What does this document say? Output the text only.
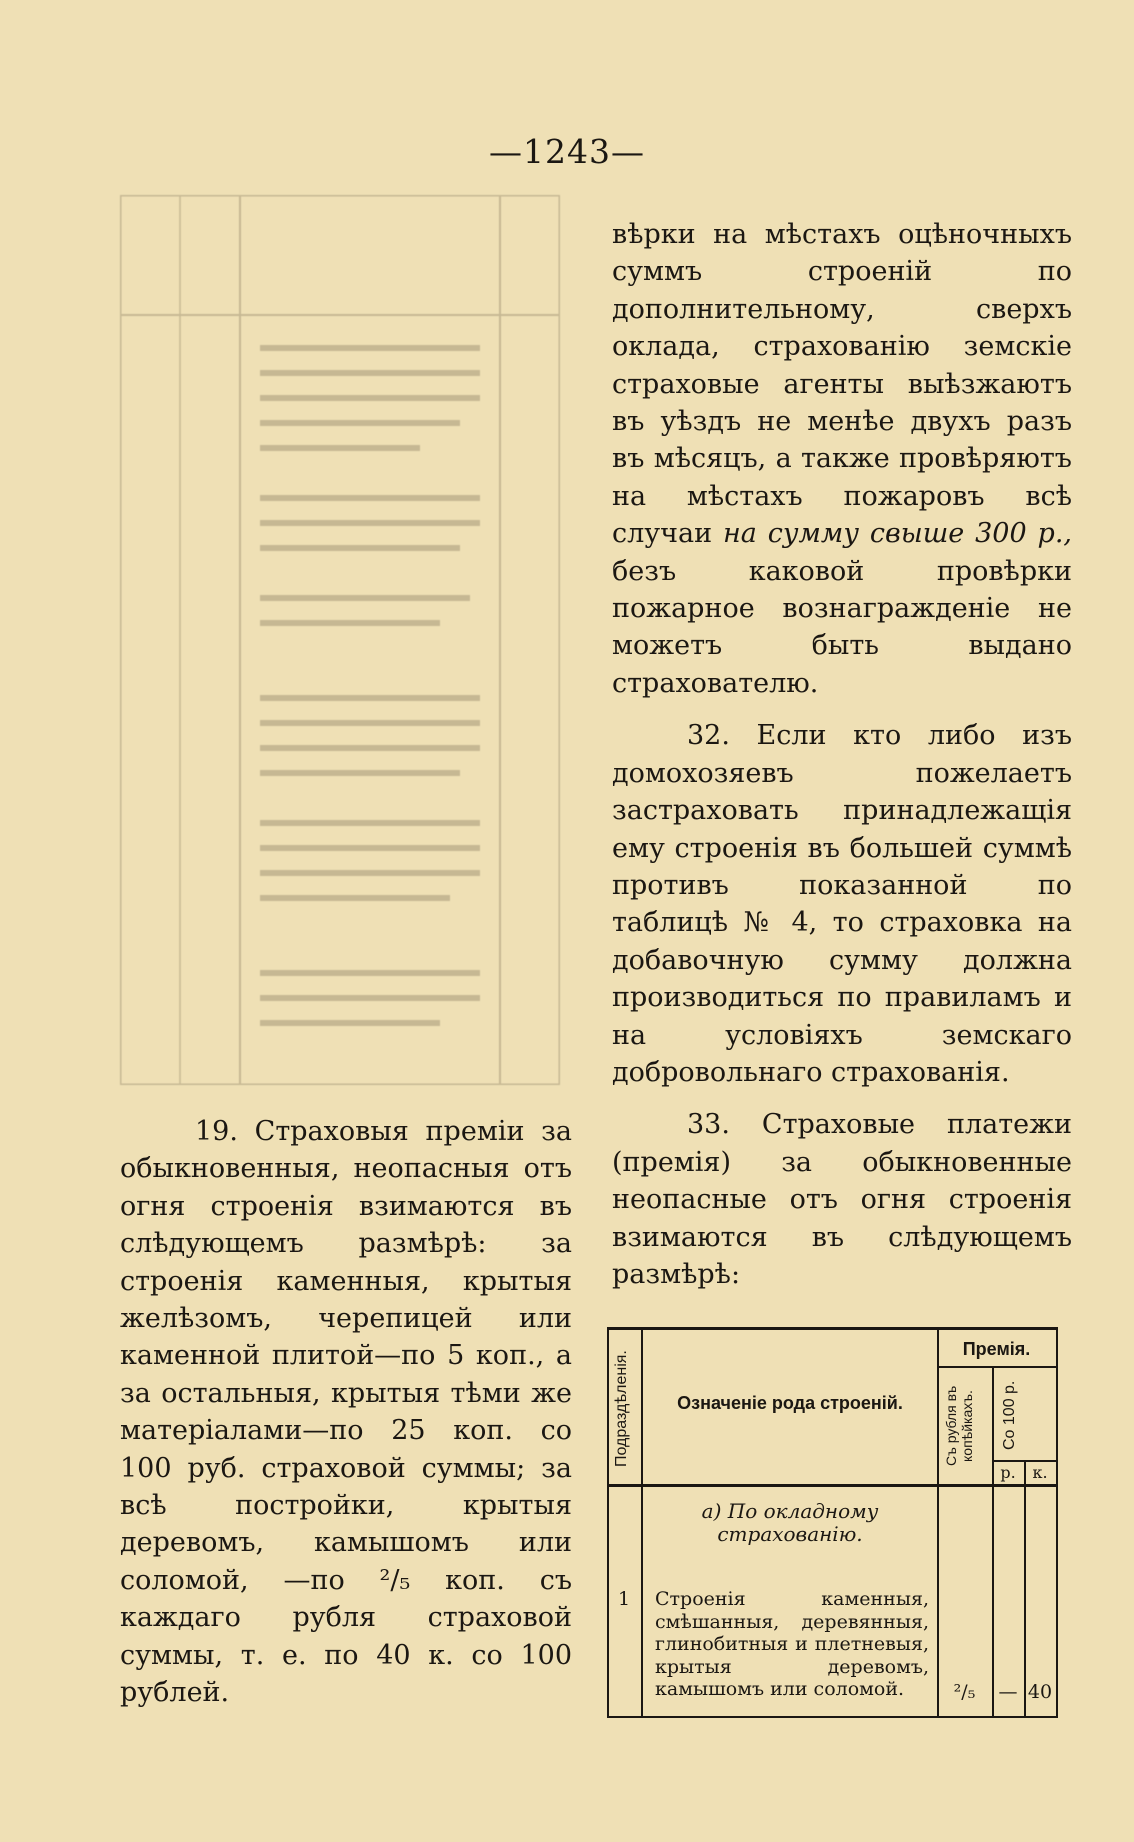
—1243—

вѣрки на мѣстахъ оцѣночныхъ суммъ строеній по дополнительному, сверхъ оклада, страхованію земскіе страховые агенты выѣзжаютъ въ уѣздъ не менѣе двухъ разъ въ мѣсяцъ, а также провѣряютъ на мѣстахъ пожаровъ всѣ случаи на сумму свыше 300 р., безъ каковой провѣрки пожарное вознагражденіе не можетъ быть выдано страхователю.

32. Если кто либо изъ домохозяевъ пожелаетъ застраховать принадлежащія ему строенія въ большей суммѣ противъ показанной по таблицѣ № 4, то страховка на добавочную сумму должна производиться по правиламъ и на условіяхъ земскаго добровольнаго страхованія.

33. Страховые платежи (премія) за обыкновенные неопасные отъ огня строенія взимаются въ слѣдующемъ размѣрѣ:

19. Страховыя преміи за обыкновенныя, неопасныя отъ огня строенія взимаются въ слѣдующемъ размѣрѣ: за строенія каменныя, крытыя желѣзомъ, черепицей или каменной плитой—по 5 коп., а за остальныя, крытыя тѣми же матеріалами—по 25 коп. со 100 руб. страховой суммы; за всѣ постройки, крытыя деревомъ, камышомъ или соломой, —по ²/₅ коп. съ каждаго рубля страховой суммы, т. е. по 40 к. со 100 рублей.

Подраздѣленія.	Означеніе рода строеній.
Премія.
Съ рубля въ копѣйкахъ.	Со 100 р.
р.	к.
а) По окладному страхованію.
1	Строенія каменныя, смѣшанныя, деревянныя, глинобитныя и плетневыя, крытыя деревомъ, камышомъ или соломой.	²/₅	— 40
